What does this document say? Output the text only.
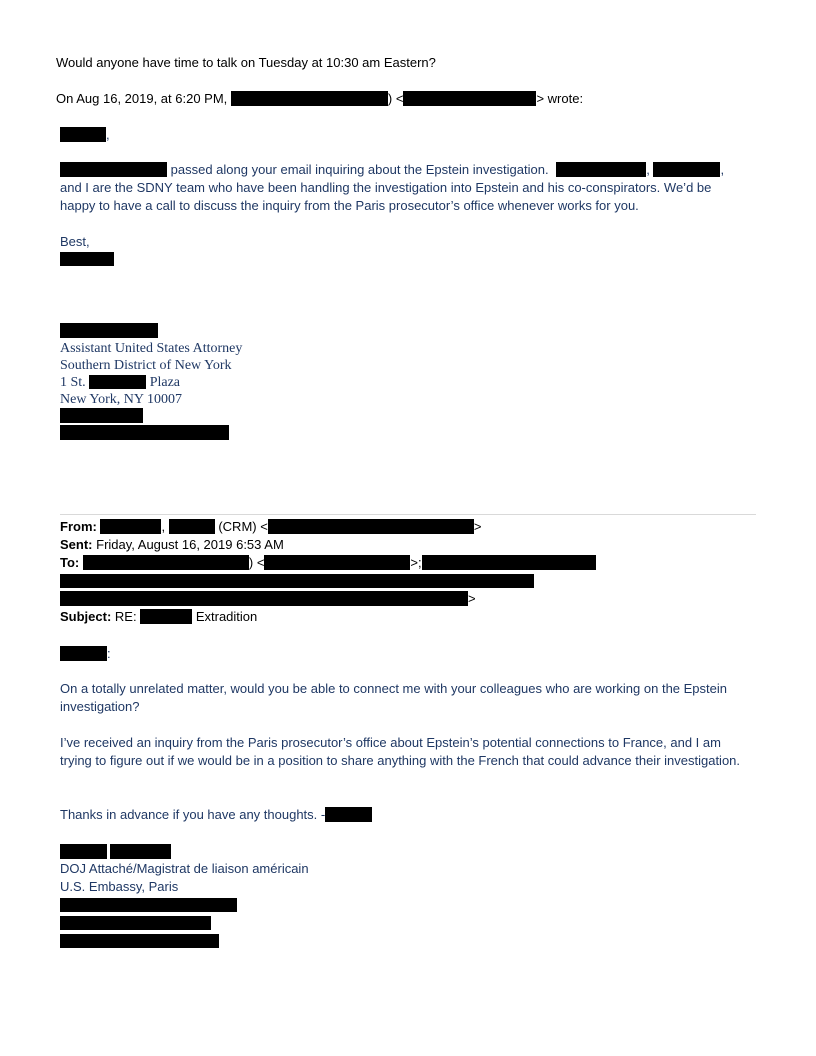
Would anyone have time to talk on Tuesday at 10:30 am Eastern?
On Aug 16, 2019, at 6:20 PM,	) <	> wrote:
,
passed along your email inquiring about the Epstein investigation.	,	,
and I are the SDNY team who have been handling the investigation into Epstein and his co-conspirators. We’d be
happy to have a call to discuss the inquiry from the Paris prosecutor’s office whenever works for you.
Best,
Assistant United States Attorney
Southern District of New York
1 St.	Plaza
New York, NY 10007
From:	,	(CRM) <	>
Sent: Friday, August 16, 2019 6:53 AM
To:	) <	>;
>
Subject: RE:	Extradition
:
On a totally unrelated matter, would you be able to connect me with your colleagues who are working on the Epstein investigation?
I’ve received an inquiry from the Paris prosecutor’s office about Epstein’s potential connections to France, and I am trying to figure out if we would be in a position to share anything with the French that could advance their investigation.
Thanks in advance if you have any thoughts. -
DOJ Attaché/Magistrat de liaison américain
U.S. Embassy, Paris
